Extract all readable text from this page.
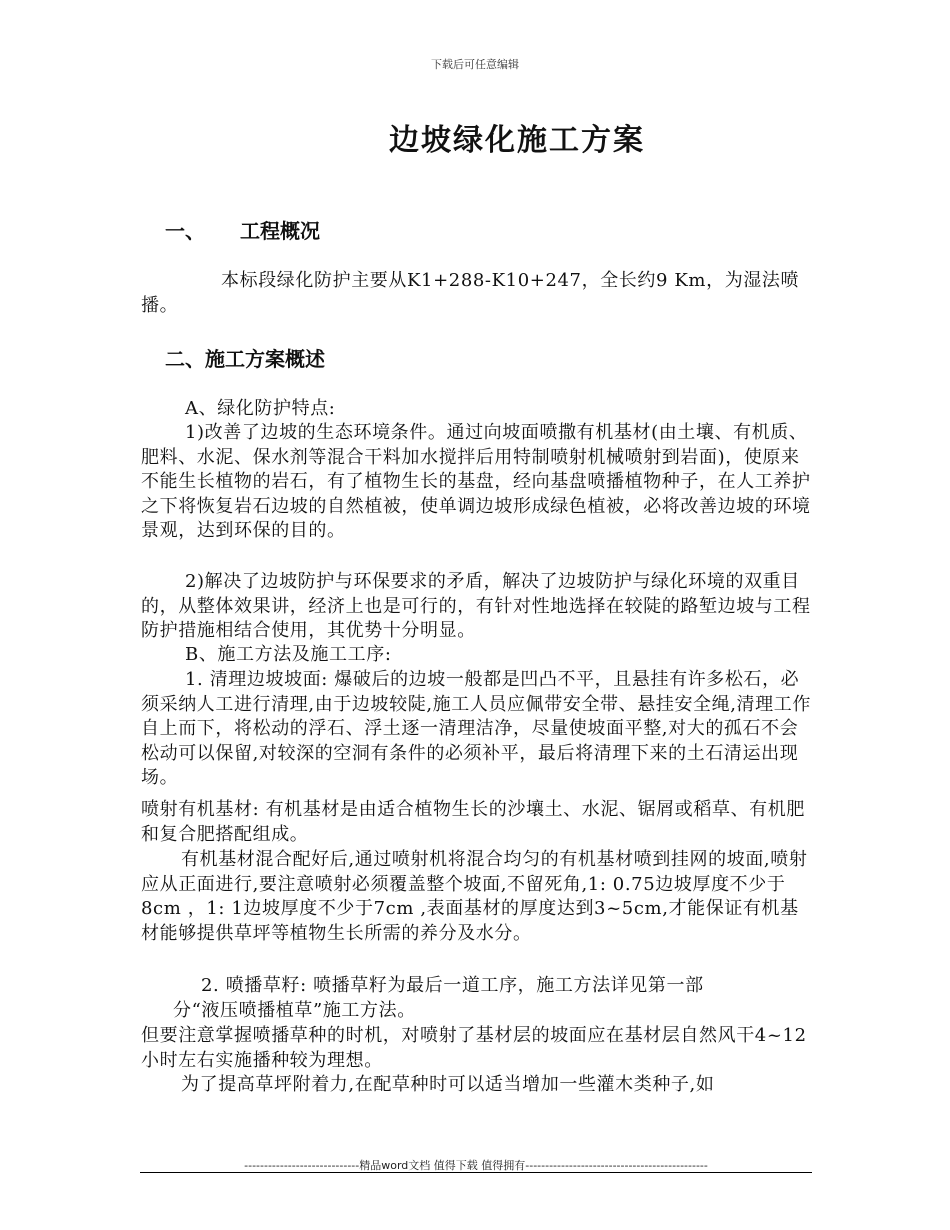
下载后可任意编辑
边坡绿化施工方案
一、 工程概况

本标段绿化防护主要从K1+288-K10+247，全长约9 Km，为湿法喷播。

二、施工方案概述

A、绿化防护特点:

1)改善了边坡的生态环境条件。通过向坡面喷撒有机基材(由土壤、有机质、肥料、水泥、保水剂等混合干料加水搅拌后用特制喷射机械喷射到岩面)，使原来不能生长植物的岩石，有了植物生长的基盘，经向基盘喷播植物种子，在人工养护之下将恢复岩石边坡的自然植被，使单调边坡形成绿色植被，必将改善边坡的环境景观，达到环保的目的。

2)解决了边坡防护与环保要求的矛盾，解决了边坡防护与绿化环境的双重目的，从整体效果讲，经济上也是可行的，有针对性地选择在较陡的路堑边坡与工程防护措施相结合使用，其优势十分明显。

B、施工方法及施工工序:

1. 清理边坡坡面: 爆破后的边坡一般都是凹凸不平，且悬挂有许多松石，必须采纳人工进行清理,由于边坡较陡,施工人员应佩带安全带、悬挂安全绳,清理工作自上而下，将松动的浮石、浮土逐一清理洁净，尽量使坡面平整,对大的孤石不会松动可以保留,对较深的空洞有条件的必须补平，最后将清理下来的土石清运出现场。

喷射有机基材: 有机基材是由适合植物生长的沙壤土、水泥、锯屑或稻草、有机肥和复合肥搭配组成。

有机基材混合配好后,通过喷射机将混合均匀的有机基材喷到挂网的坡面,喷射应从正面进行,要注意喷射必须覆盖整个坡面,不留死角,1: 0.75边坡厚度不少于8cm ，1: 1边坡厚度不少于7cm ,表面基材的厚度达到3~5cm,才能保证有机基材能够提供草坪等植物生长所需的养分及水分。

2. 喷播草籽: 喷播草籽为最后一道工序，施工方法详见第一部

分“液压喷播植草”施工方法。

但要注意掌握喷播草种的时机，对喷射了基材层的坡面应在基材层自然风干4~12小时左右实施播种较为理想。

为了提高草坪附着力,在配草种时可以适当增加一些灌木类种子,如

-----------------------------精品word文档 值得下载 值得拥有----------------------------------------------
